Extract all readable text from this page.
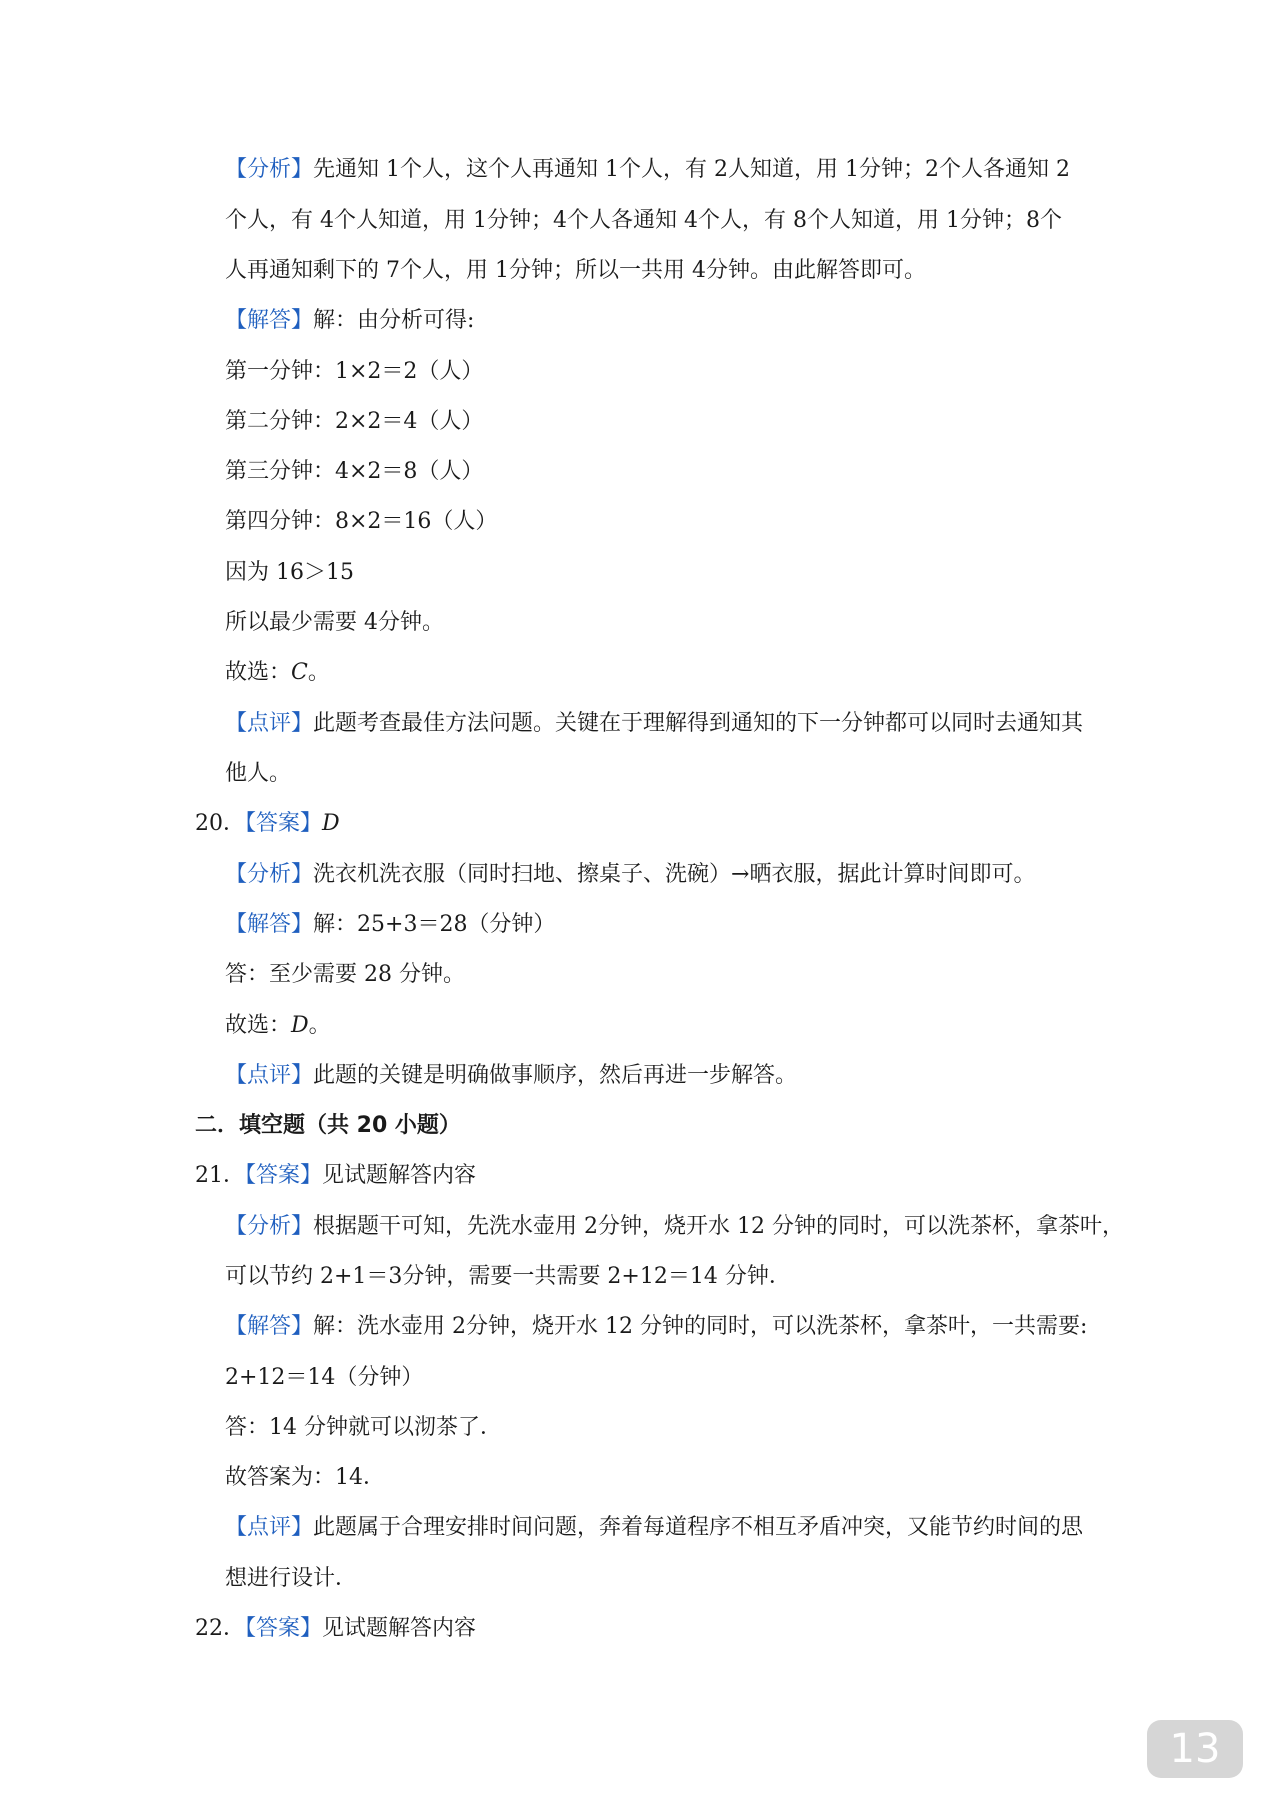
【分析】先通知 1个人，这个人再通知 1个人，有 2人知道，用 1分钟；2个人各通知 2
个人，有 4个人知道，用 1分钟；4个人各通知 4个人，有 8个人知道，用 1分钟；8个
人再通知剩下的 7个人，用 1分钟；所以一共用 4分钟。由此解答即可。
【解答】解：由分析可得:
第一分钟：1×2＝2（人）
第二分钟：2×2＝4（人）
第三分钟：4×2＝8（人）
第四分钟：8×2＝16（人）
因为 16＞15
所以最少需要 4分钟。
故选：C。
【点评】此题考查最佳方法问题。关键在于理解得到通知的下一分钟都可以同时去通知其
他人。
20．【答案】D
【分析】洗衣机洗衣服（同时扫地、擦桌子、洗碗）→晒衣服，据此计算时间即可。
【解答】解：25+3＝28（分钟）
答：至少需要 28 分钟。
故选：D。
【点评】此题的关键是明确做事顺序，然后再进一步解答。
二．填空题（共 20 小题）
21．【答案】见试题解答内容
【分析】根据题干可知，先洗水壶用 2分钟，烧开水 12 分钟的同时，可以洗茶杯，拿茶叶，
可以节约 2+1＝3分钟，需要一共需要 2+12＝14 分钟．
【解答】解：洗水壶用 2分钟，烧开水 12 分钟的同时，可以洗茶杯，拿茶叶，一共需要:
2+12＝14（分钟）
答：14 分钟就可以沏茶了．
故答案为：14．
【点评】此题属于合理安排时间问题，奔着每道程序不相互矛盾冲突，又能节约时间的思
想进行设计．
22．【答案】见试题解答内容
13
